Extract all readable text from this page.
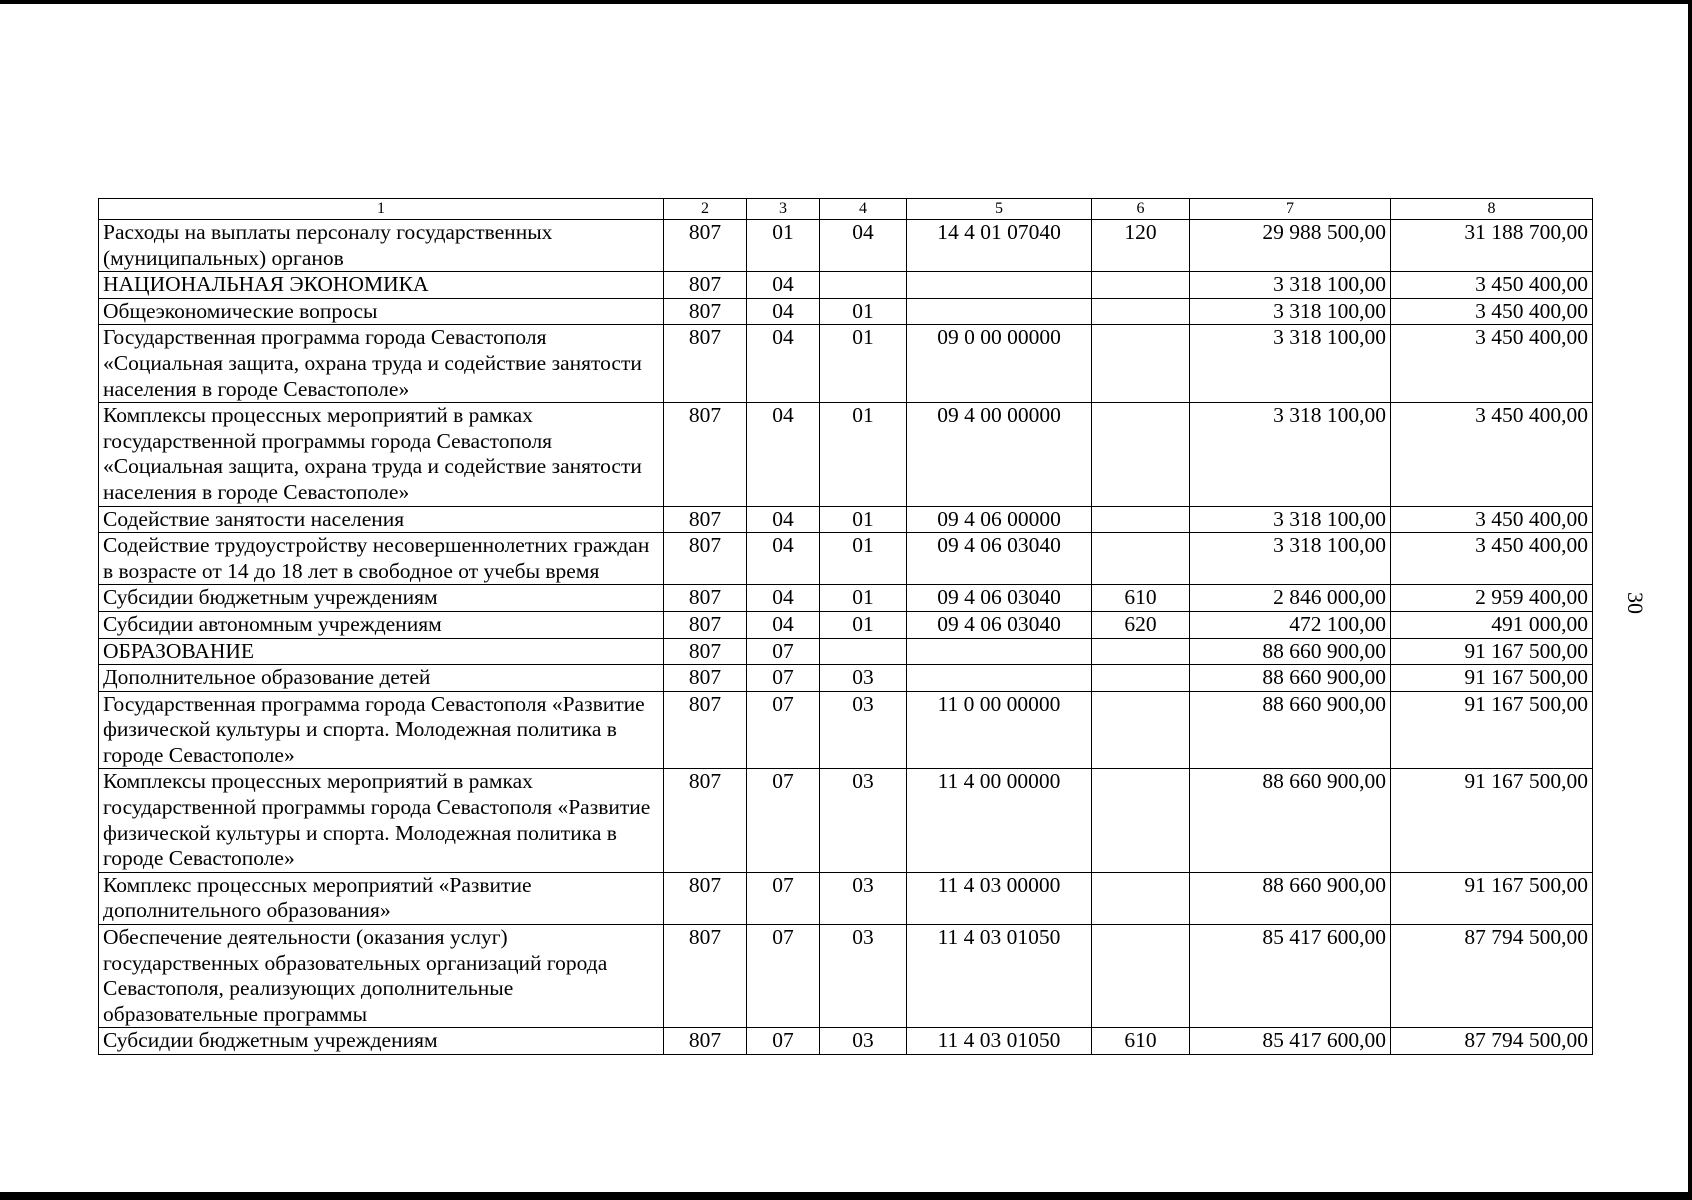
30
1	2	3	4	5	6	7	8
Расходы на выплаты персоналу государственных (муниципальных) органов	807	01	04	14 4 01 07040	120	29 988 500,00	31 188 700,00
НАЦИОНАЛЬНАЯ ЭКОНОМИКА	807	04				3 318 100,00	3 450 400,00
Общеэкономические вопросы	807	04	01			3 318 100,00	3 450 400,00
Государственная программа города Севастополя «Социальная защита, охрана труда и содействие занятости населения в городе Севастополе»	807	04	01	09 0 00 00000		3 318 100,00	3 450 400,00
Комплексы процессных мероприятий в рамках государственной программы города Севастополя «Социальная защита, охрана труда и содействие занятости населения в городе Севастополе»	807	04	01	09 4 00 00000		3 318 100,00	3 450 400,00
Содействие занятости населения	807	04	01	09 4 06 00000		3 318 100,00	3 450 400,00
Содействие трудоустройству несовершеннолетних граждан в возрасте от 14 до 18 лет в свободное от учебы время	807	04	01	09 4 06 03040		3 318 100,00	3 450 400,00
Субсидии бюджетным учреждениям	807	04	01	09 4 06 03040	610	2 846 000,00	2 959 400,00
Субсидии автономным учреждениям	807	04	01	09 4 06 03040	620	472 100,00	491 000,00
ОБРАЗОВАНИЕ	807	07				88 660 900,00	91 167 500,00
Дополнительное образование детей	807	07	03			88 660 900,00	91 167 500,00
Государственная программа города Севастополя «Развитие физической культуры и спорта. Молодежная политика в городе Севастополе»	807	07	03	11 0 00 00000		88 660 900,00	91 167 500,00
Комплексы процессных мероприятий в рамках государственной программы города Севастополя «Развитие физической культуры и спорта. Молодежная политика в городе Севастополе»	807	07	03	11 4 00 00000		88 660 900,00	91 167 500,00
Комплекс процессных мероприятий «Развитие дополнительного образования»	807	07	03	11 4 03 00000		88 660 900,00	91 167 500,00
Обеспечение деятельности (оказания услуг) государственных образовательных организаций города Севастополя, реализующих дополнительные образовательные программы	807	07	03	11 4 03 01050		85 417 600,00	87 794 500,00
Субсидии бюджетным учреждениям	807	07	03	11 4 03 01050	610	85 417 600,00	87 794 500,00
